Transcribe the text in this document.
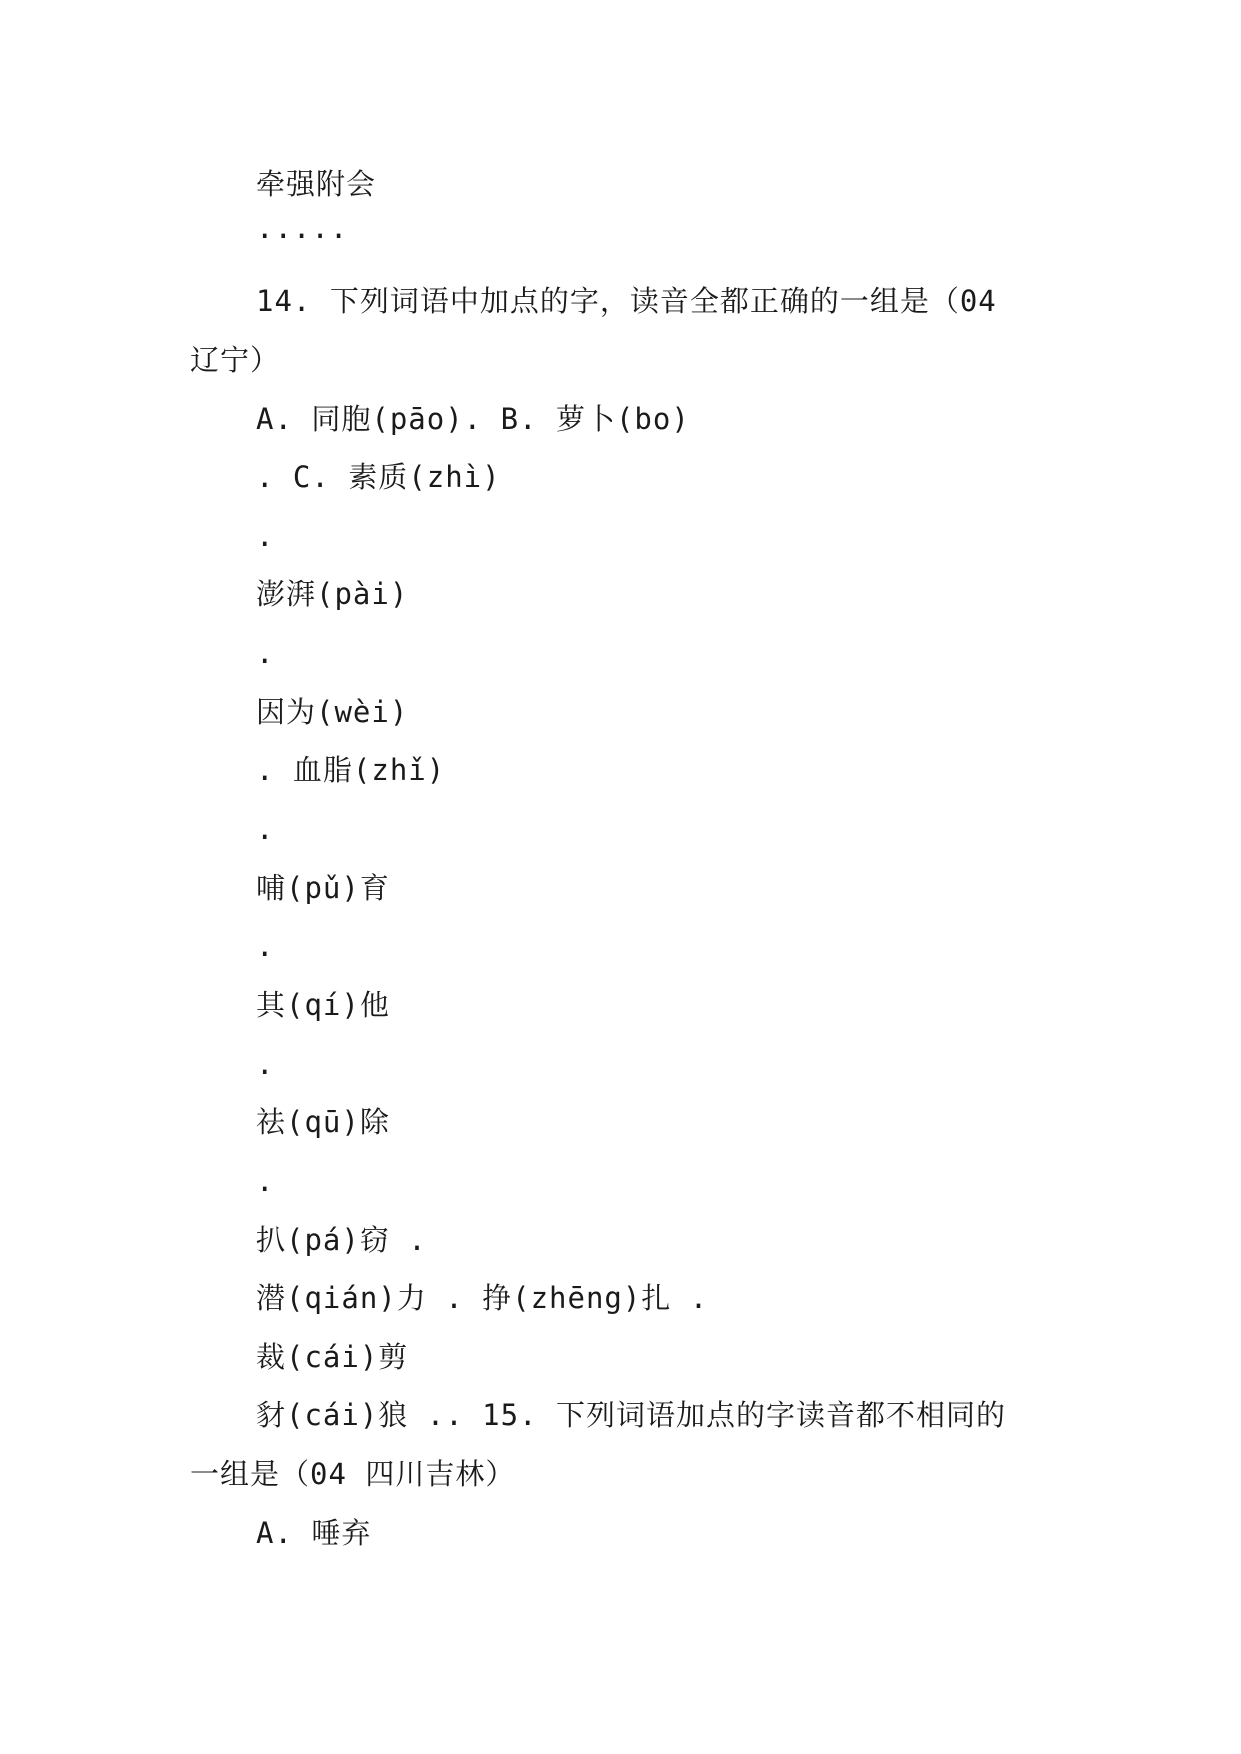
牵强附会
.....
14. 下列词语中加点的字，读音全都正确的一组是（04
辽宁）
A. 同胞(pāo). B. 萝卜(bo)
. C. 素质(zhì)
.
澎湃(pài)
.
因为(wèi)
. 血脂(zhǐ)
.
哺(pǔ)育
.
其(qí)他
.
祛(qū)除
.
扒(pá)窃 .
潜(qián)力 . 挣(zhēng)扎 .
裁(cái)剪
豺(cái)狼 .. 15. 下列词语加点的字读音都不相同的
一组是（04 四川吉林）
A. 唾弃
